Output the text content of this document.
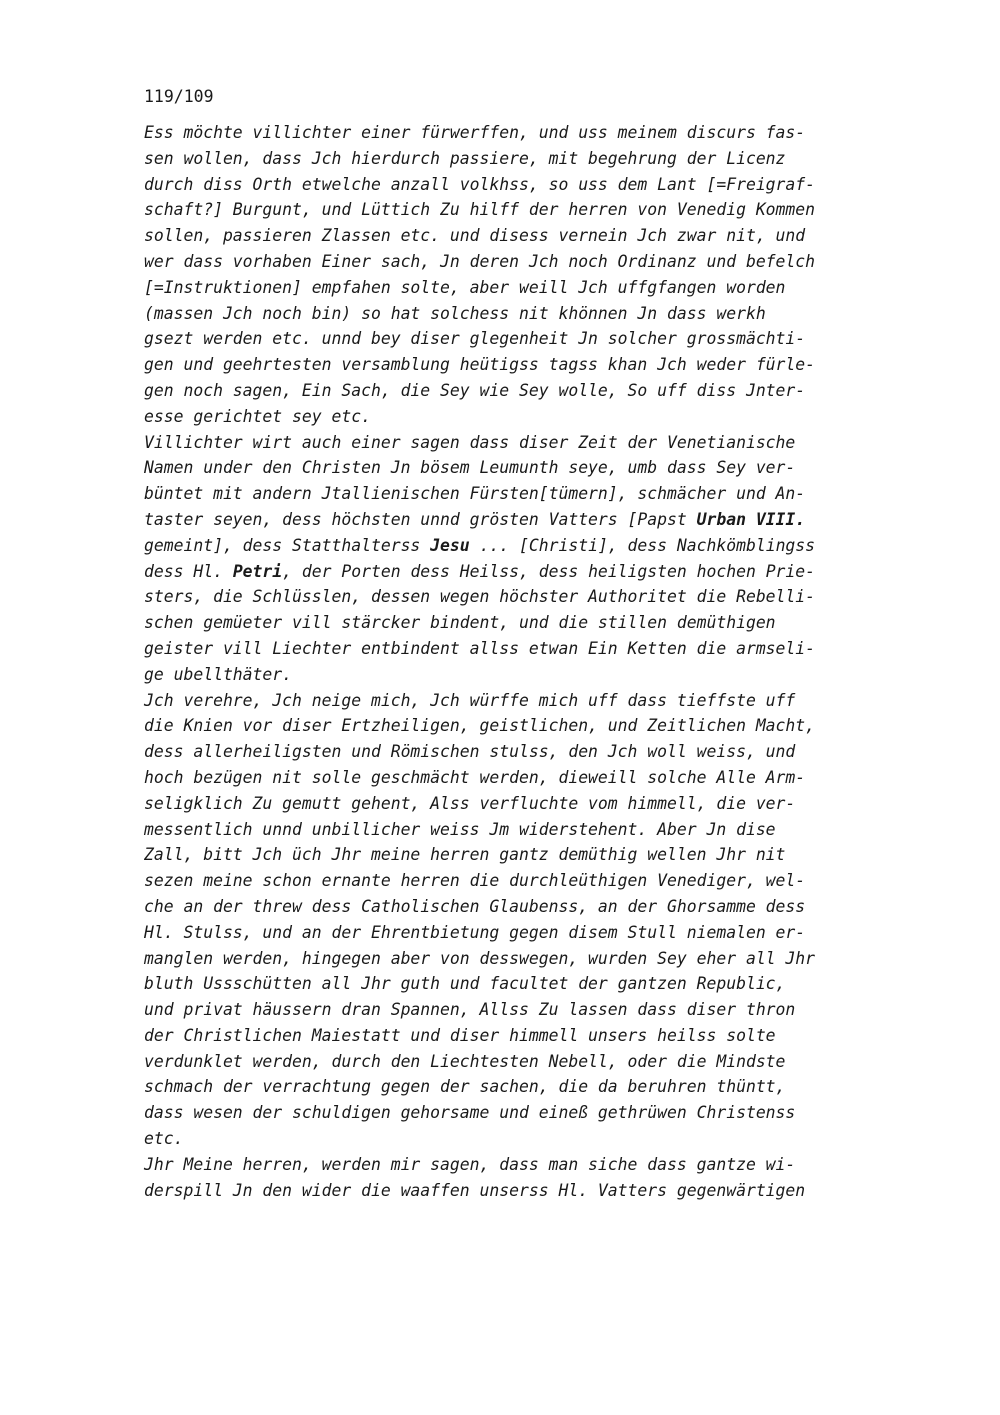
119/109
Ess möchte villichter einer fürwerffen, und uss meinem discurs fas-
sen wollen, dass Jch hierdurch passiere, mit begehrung der Licenz
durch diss Orth etwelche anzall volkhss, so uss dem Lant [=Freigraf-
schaft?] Burgunt, und Lüttich Zu hilff der herren von Venedig Kommen
sollen, passieren Zlassen etc. und disess vernein Jch zwar nit, und
wer dass vorhaben Einer sach, Jn deren Jch noch Ordinanz und befelch
[=Instruktionen] empfahen solte, aber weill Jch uffgfangen worden
(massen Jch noch bin) so hat solchess nit khönnen Jn dass werkh
gsezt werden etc. unnd bey diser glegenheit Jn solcher grossmächti-
gen und geehrtesten versamblung heütigss tagss khan Jch weder fürle-
gen noch sagen, Ein Sach, die Sey wie Sey wolle, So uff diss Jnter-
esse gerichtet sey etc.
Villichter wirt auch einer sagen dass diser Zeit der Venetianische
Namen under den Christen Jn bösem Leumunth seye, umb dass Sey ver-
büntet mit andern Jtallienischen Fürsten[tümern], schmächer und An-
taster seyen, dess höchsten unnd grösten Vatters [Papst Urban VIII.
gemeint], dess Statthalterss Jesu ... [Christi], dess Nachkömblingss
dess Hl. Petri, der Porten dess Heilss, dess heiligsten hochen Prie-
sters, die Schlüsslen, dessen wegen höchster Authoritet die Rebelli-
schen gemüeter vill stärcker bindent, und die stillen demüthigen
geister vill Liechter entbindent allss etwan Ein Ketten die armseli-
ge ubellthäter.
Jch verehre, Jch neige mich, Jch würffe mich uff dass tieffste uff
die Knien vor diser Ertzheiligen, geistlichen, und Zeitlichen Macht,
dess allerheiligsten und Römischen stulss, den Jch woll weiss, und
hoch bezügen nit solle geschmächt werden, dieweill solche Alle Arm-
seligklich Zu gemutt gehent, Alss verfluchte vom himmell, die ver-
messentlich unnd unbillicher weiss Jm widerstehent. Aber Jn dise
Zall, bitt Jch üch Jhr meine herren gantz demüthig wellen Jhr nit
sezen meine schon ernante herren die durchleüthigen Venediger, wel-
che an der threw dess Catholischen Glaubenss, an der Ghorsamme dess
Hl. Stulss, und an der Ehrentbietung gegen disem Stull niemalen er-
manglen werden, hingegen aber von desswegen, wurden Sey eher all Jhr
bluth Ussschütten all Jhr guth und facultet der gantzen Republic,
und privat häussern dran Spannen, Allss Zu lassen dass diser thron
der Christlichen Maiestatt und diser himmell unsers heilss solte
verdunklet werden, durch den Liechtesten Nebell, oder die Mindste
schmach der verrachtung gegen der sachen, die da beruhren thüntt,
dass wesen der schuldigen gehorsame und eineß gethrüwen Christenss
etc.
Jhr Meine herren, werden mir sagen, dass man siche dass gantze wi-
derspill Jn den wider die waaffen unserss Hl. Vatters gegenwärtigen
